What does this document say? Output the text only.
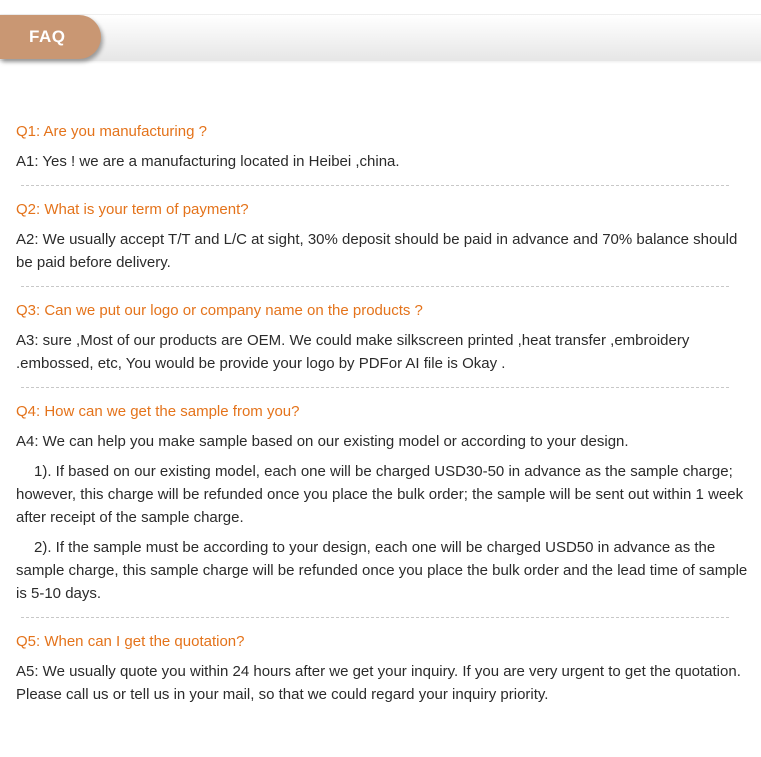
FAQ

Q1: Are you manufacturing ?

A1: Yes ! we are a manufacturing located in Heibei ,china.

Q2: What is your term of payment?

A2: We usually accept T/T and L/C at sight, 30% deposit should be paid in advance and 70% balance should be paid before delivery.

Q3: Can we put our logo or company name on the products ?

A3: sure ,Most of our products are OEM. We could make silkscreen printed ,heat transfer ,embroidery .embossed, etc, You would be provide your logo by PDFor AI file is Okay .

Q4: How can we get the sample from you?

A4: We can help you make sample based on our existing model or according to your design.

1). If based on our existing model, each one will be charged USD30-50 in advance as the sample charge; however, this charge will be refunded once you place the bulk order; the sample will be sent out within 1 week after receipt of the sample charge.

2). If the sample must be according to your design, each one will be charged USD50 in advance as the sample charge, this sample charge will be refunded once you place the bulk order and the lead time of sample is 5-10 days.

Q5: When can I get the quotation?

A5: We usually quote you within 24 hours after we get your inquiry. If you are very urgent to get the quotation. Please call us or tell us in your mail, so that we could regard your inquiry priority.
